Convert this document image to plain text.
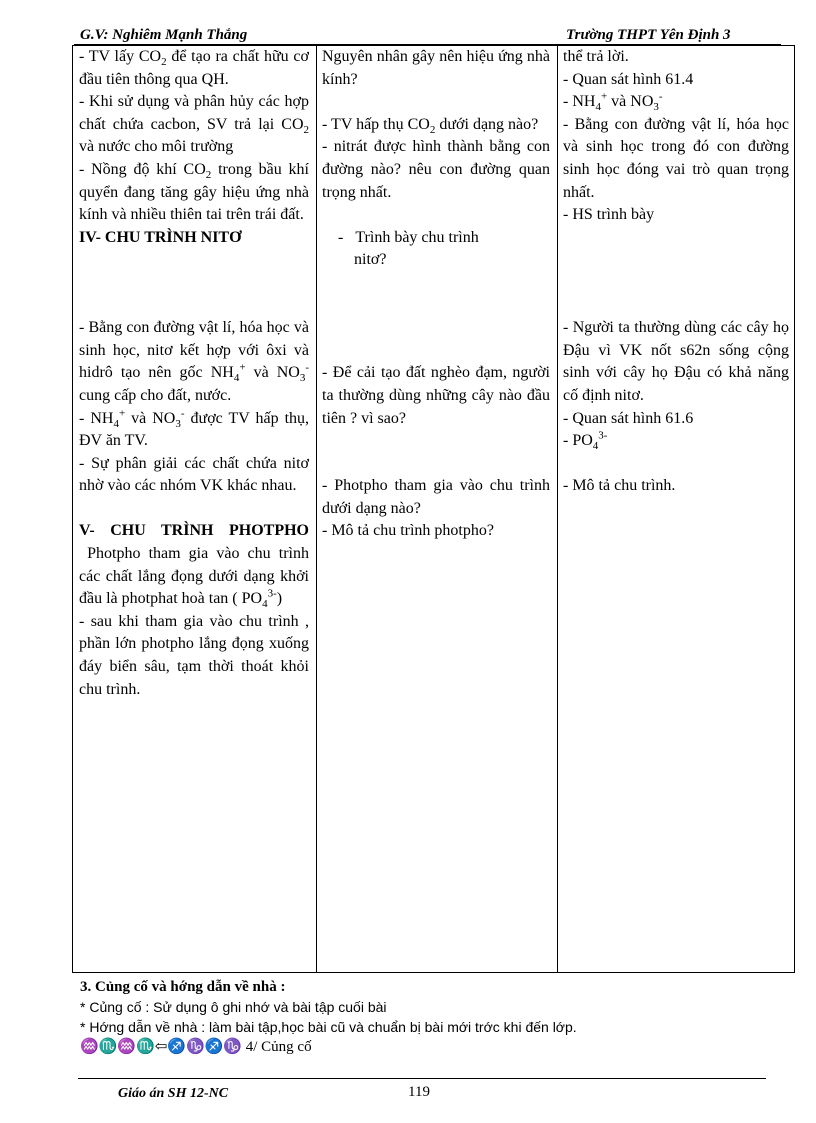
G.V: Nghiêm Mạnh Thắng	Trường THPT Yên Định 3

- TV lấy $CO_2$ để tạo ra chất hữu cơ đầu tiên thông qua QH.

- Khi sử dụng và phân hủy các hợp chất chứa cacbon, SV trả lại $CO_2$ và nước cho môi trường

- Nồng độ khí $CO_2$ trong bầu khí quyển đang tăng gây hiệu ứng nhà kính và nhiều thiên tai trên trái đất.

IV- CHU TRÌNH NITƠ

- Bằng con đường vật lí, hóa học và sinh học, nitơ kết hợp với ôxi và hidrô tạo nên gốc $NH_4^+$ và $NO_3^-$ cung cấp cho đất, nước.

- $NH_4^+$ và $NO_3^-$ được TV hấp thụ, ĐV ăn TV.

- Sự phân giải các chất chứa nitơ nhờ vào các nhóm VK khác nhau.

V- CHU TRÌNH PHOTPHO

Photpho tham gia vào chu trình các chất lắng đọng dưới dạng khởi đầu là photphat hoà tan ( $PO_4^{3-}$)

- sau khi tham gia vào chu trình , phần lớn photpho lắng đọng xuống đáy biển sâu, tạm thời thoát khỏi chu trình.

Nguyên nhân gây nên hiệu ứng nhà kính?

- TV hấp thụ $CO_2$ dưới dạng nào?

- nitrát được hình thành bằng con đường nào? nêu con đường quan trọng nhất.

-   Trình bày chu trình
nitơ?

- Để cải tạo đất nghèo đạm, người ta thường dùng những cây nào đầu tiên ? vì sao?

- Photpho tham gia vào chu trình dưới dạng nào?

- Mô tả chu trình photpho?

thể trả lời.

- Quan sát hình 61.4

- $NH_4^+$ và $NO_3^-$

- Bằng con đường vật lí, hóa học và sinh học trong đó con đường sinh học đóng vai trò quan trọng nhất.

- HS trình bày

- Người ta thường dùng các cây họ Đậu vì VK nốt s62n sống cộng sinh với cây họ Đậu có khả năng cố định nitơ.

- Quan sát hình 61.6

- $PO_4^{3-}$

- Mô tả chu trình.

3. Củng cố và hớng dẫn về nhà :
* Củng cố : Sử dụng ô ghi nhớ và bài tập cuối bài
* Hớng dẫn về nhà : làm bài tập,học bài cũ và chuẩn bị bài mới trớc khi đến lớp.
♒♏♒♏⇦♐♑♐♑ 4/ Củng cố
Giáo án SH 12-NC	119
